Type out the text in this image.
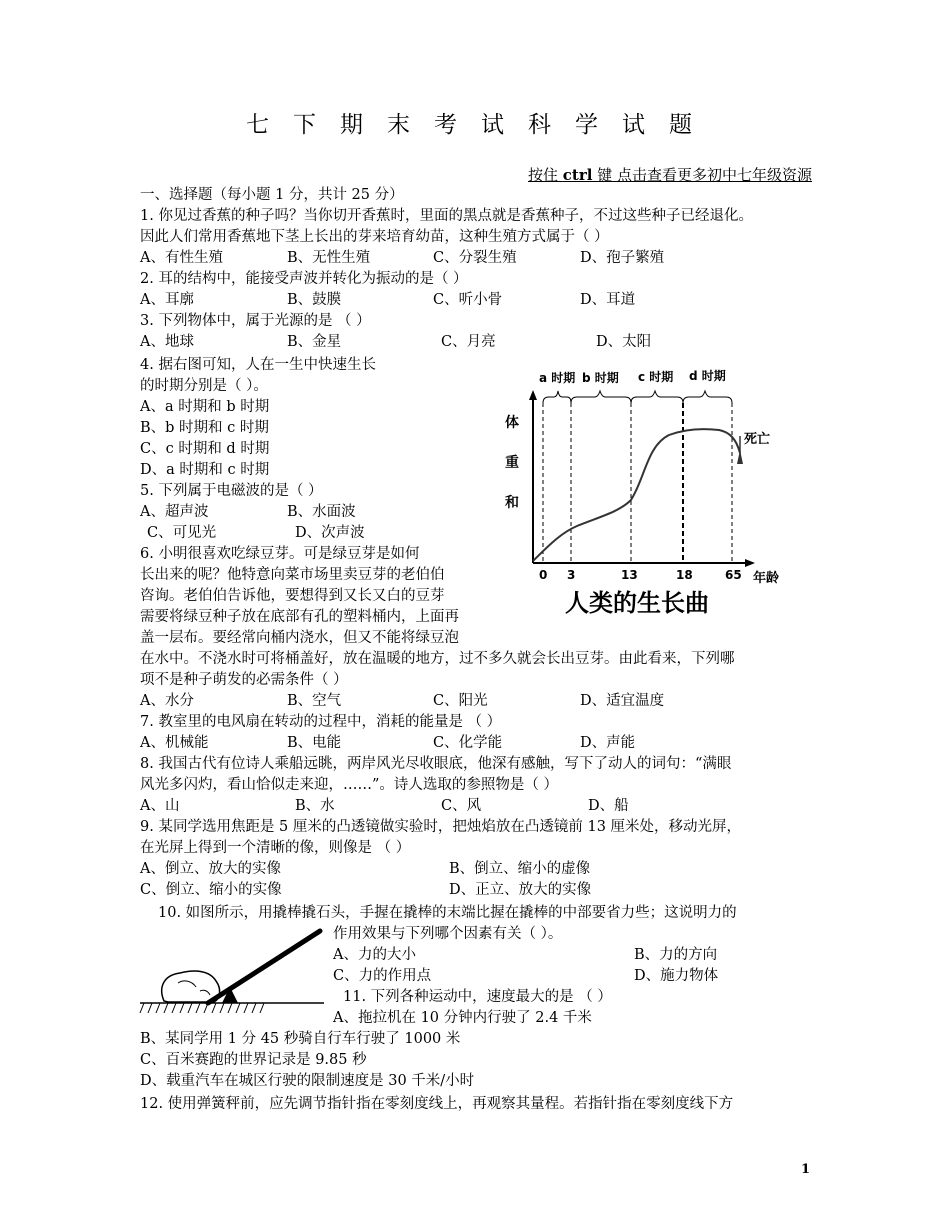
七下期末考试科学试题
按住 ctrl 键 点击查看更多初中七年级资源
一、选择题（每小题 1 分，共计 25 分）
1. 你见过香蕉的种子吗？当你切开香蕉时，里面的黑点就是香蕉种子，不过这些种子已经退化。
因此人们常用香蕉地下茎上长出的芽来培育幼苗，这种生殖方式属于（ ）
A、有性生殖	B、无性生殖	C、分裂生殖	D、孢子繁殖
2. 耳的结构中，能接受声波并转化为振动的是（ ）
A、耳廓	B、鼓膜	C、听小骨	D、耳道
3. 下列物体中，属于光源的是 （ ）
A、地球	B、金星	C、月亮	D、太阳
4. 据右图可知，人在一生中快速生长
的时期分别是（ ）。
A、a 时期和 b 时期
B、b 时期和 c 时期
C、c 时期和 d 时期
D、a 时期和 c 时期
5. 下列属于电磁波的是（ ）
A、超声波	B、水面波
C、可见光	D、次声波
6. 小明很喜欢吃绿豆芽。可是绿豆芽是如何
长出来的呢？他特意向菜市场里卖豆芽的老伯伯
咨询。老伯伯告诉他，要想得到又长又白的豆芽
需要将绿豆种子放在底部有孔的塑料桶内，上面再
盖一层布。要经常向桶内浇水，但又不能将绿豆泡
在水中。不浇水时可将桶盖好，放在温暖的地方，过不多久就会长出豆芽。由此看来，下列哪
项不是种子萌发的必需条件（ ）
A、水分	B、空气	C、阳光	D、适宜温度
7. 教室里的电风扇在转动的过程中，消耗的能量是 （ ）
A、机械能	B、电能	C、化学能	D、声能
8. 我国古代有位诗人乘船远眺，两岸风光尽收眼底，他深有感触，写下了动人的词句：“满眼
风光多闪灼，看山恰似走来迎，……”。诗人选取的参照物是（ ）
A、山	B、水	C、风	D、船
9. 某同学选用焦距是 5 厘米的凸透镜做实验时，把烛焰放在凸透镜前 13 厘米处，移动光屏，
在光屏上得到一个清晰的像，则像是 （ ）
A、倒立、放大的实像	B、倒立、缩小的虚像
C、倒立、缩小的实像	D、正立、放大的实像
10. 如图所示，用撬棒撬石头，手握在撬棒的末端比握在撬棒的中部要省力些；这说明力的
作用效果与下列哪个因素有关（ ）。
A、力的大小	B、力的方向
C、力的作用点	D、施力物体
11. 下列各种运动中，速度最大的是 （ ）
A、拖拉机在 10 分钟内行驶了 2.4 千米
B、某同学用 1 分 45 秒骑自行车行驶了 1000 米
C、百米赛跑的世界记录是 9.85 秒
D、载重汽车在城区行驶的限制速度是 30 千米/小时
12. 使用弹簧秤前，应先调节指针指在零刻度线上，再观察其量程。若指针指在零刻度线下方
a 时期 b 时期 c 时期 d 时期
体
重
和
死亡
0 3	13	18	65 年龄
人类的生长曲
1
